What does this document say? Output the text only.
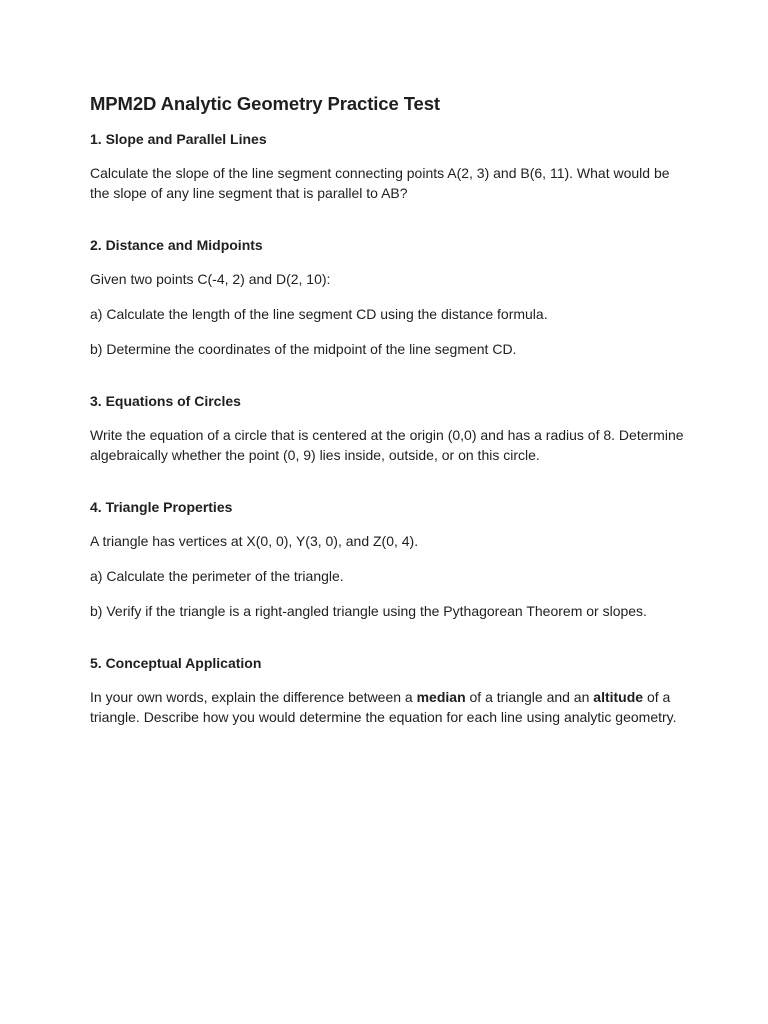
MPM2D Analytic Geometry Practice Test
1. Slope and Parallel Lines

Calculate the slope of the line segment connecting points A(2, 3) and B(6, 11). What would be the slope of any line segment that is parallel to AB?

2. Distance and Midpoints

Given two points C(-4, 2) and D(2, 10):

a) Calculate the length of the line segment CD using the distance formula.

b) Determine the coordinates of the midpoint of the line segment CD.

3. Equations of Circles

Write the equation of a circle that is centered at the origin (0,0) and has a radius of 8. Determine algebraically whether the point (0, 9) lies inside, outside, or on this circle.

4. Triangle Properties

A triangle has vertices at X(0, 0), Y(3, 0), and Z(0, 4).

a) Calculate the perimeter of the triangle.

b) Verify if the triangle is a right-angled triangle using the Pythagorean Theorem or slopes.

5. Conceptual Application

In your own words, explain the difference between a median of a triangle and an altitude of a triangle. Describe how you would determine the equation for each line using analytic geometry.
